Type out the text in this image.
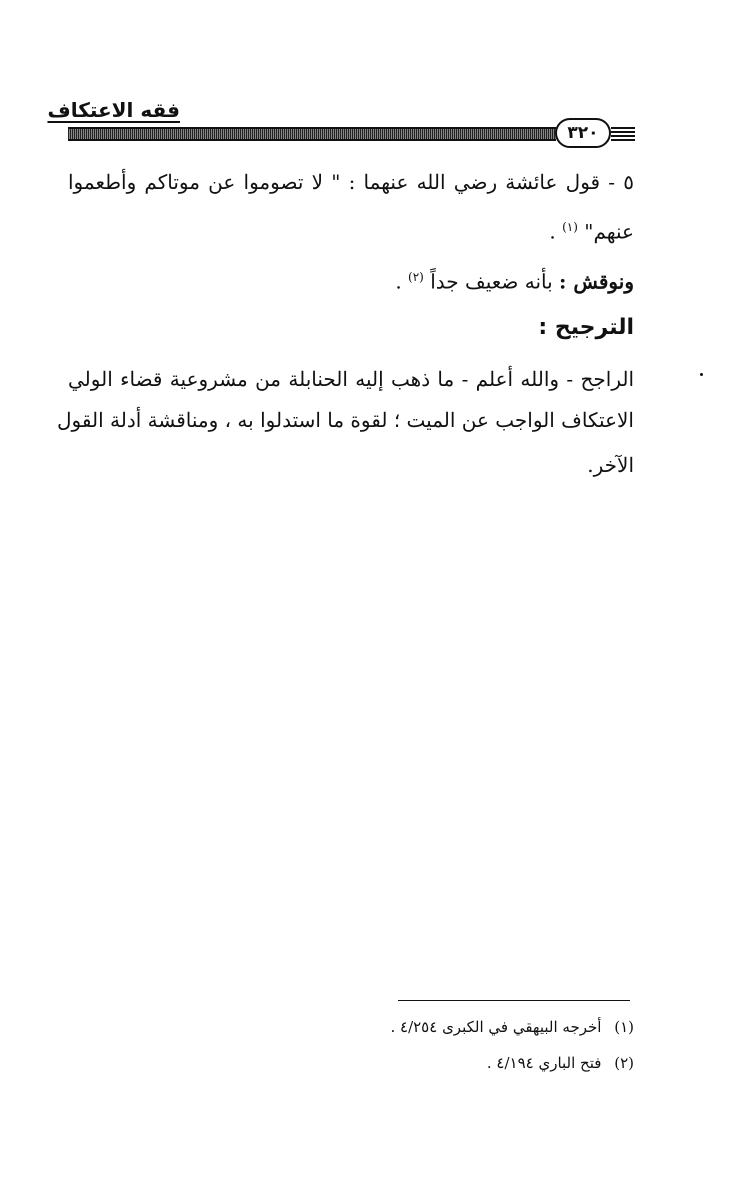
فقه الاعتكاف
٣٢٠
٥ - قول عائشة رضي الله عنهما : " لا تصوموا عن موتاكم وأطعموا
عنهم" $^{(١)}$ .
ونوقش : بأنه ضعيف جداً $^{(٢)}$ .
الترجيح :
الراجح - والله أعلم - ما ذهب إليه الحنابلة من مشروعية قضاء الولي
الاعتكاف الواجب عن الميت ؛ لقوة ما استدلوا به ، ومناقشة أدلة القول
الآخر.
(١) أخرجه البيهقي في الكبرى ٤/٢٥٤ .
(٢) فتح الباري ٤/١٩٤ .
